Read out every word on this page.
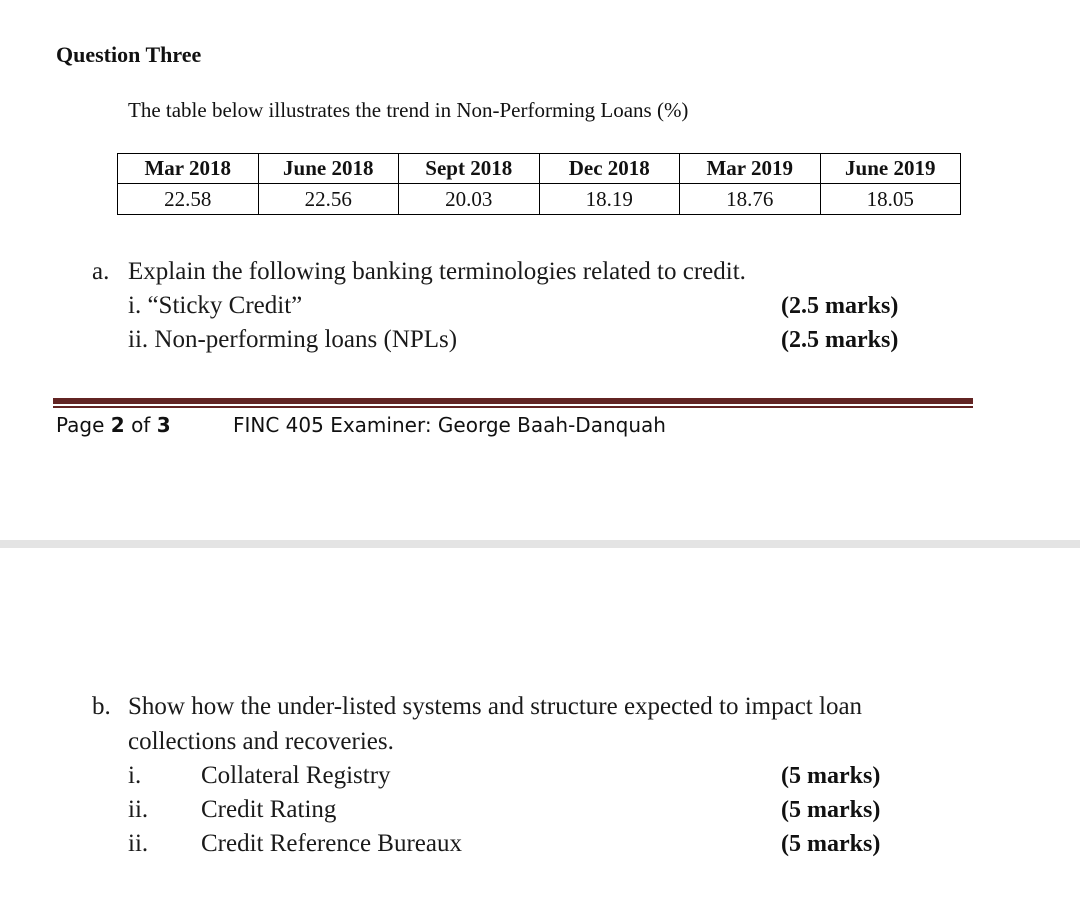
Question Three
The table below illustrates the trend in Non-Performing Loans (%)
Mar 2018	June 2018	Sept 2018	Dec 2018	Mar 2019	June 2019
22.58	22.56	20.03	18.19	18.76	18.05
a. Explain the following banking terminologies related to credit.
i. “Sticky Credit”	(2.5 marks)
ii. Non-performing loans (NPLs)	(2.5 marks)
Page 2 of 3	FINC 405 Examiner: George Baah-Danquah
b. Show how the under-listed systems and structure expected to impact loan
collections and recoveries.
i. Collateral Registry	(5 marks)
ii. Credit Rating	(5 marks)
ii. Credit Reference Bureaux	(5 marks)
